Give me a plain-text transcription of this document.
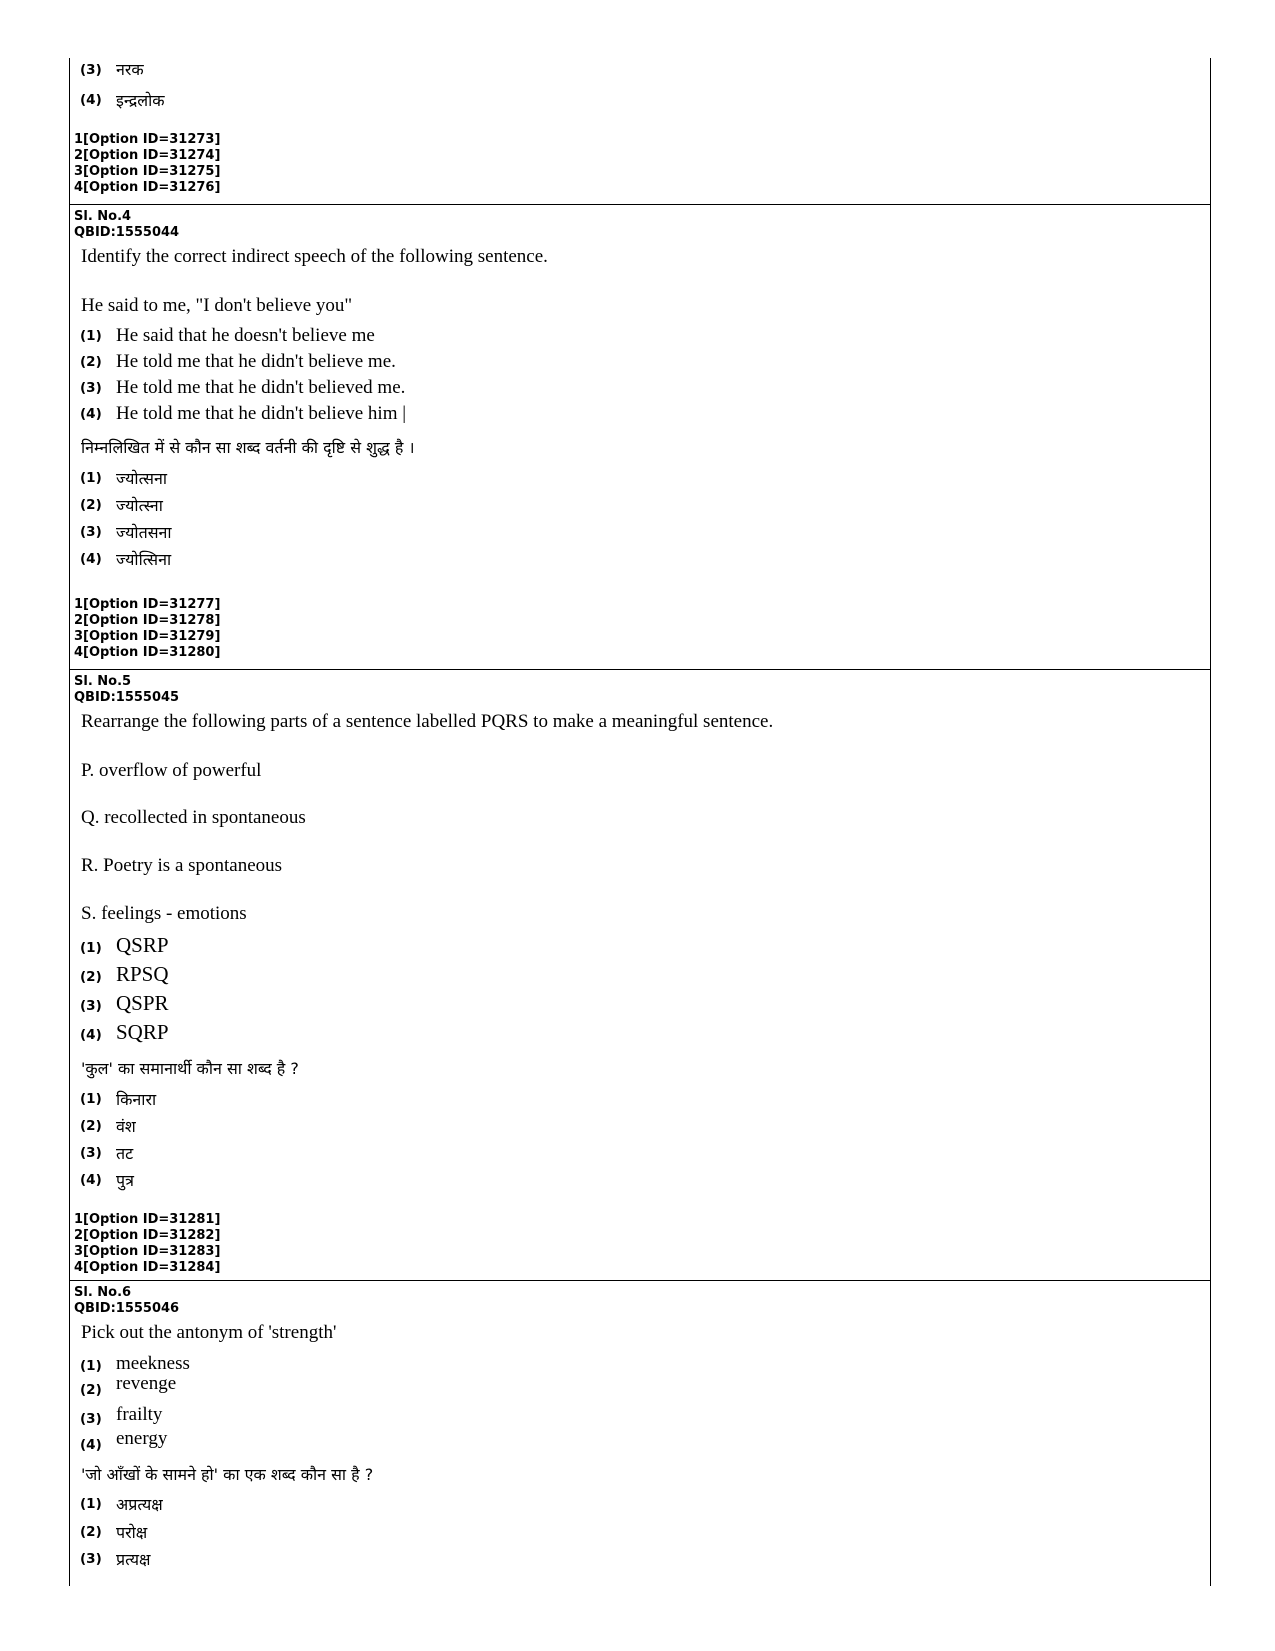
(3) नरक
(4) इन्द्रलोक
1[Option ID=31273]
2[Option ID=31274]
3[Option ID=31275]
4[Option ID=31276]
Sl. No.4
QBID:1555044
Identify the correct indirect speech of the following sentence.
He said to me, "I don't believe you"
(1) He said that he doesn't believe me
(2) He told me that he didn't believe me.
(3) He told me that he didn't believed me.
(4) He told me that he didn't believe him |
निम्नलिखित में से कौन सा शब्द वर्तनी की दृष्टि से शुद्ध है ।
(1) ज्योत्सना
(2) ज्योत्स्ना
(3) ज्योतसना
(4) ज्योत्सिना
1[Option ID=31277]
2[Option ID=31278]
3[Option ID=31279]
4[Option ID=31280]
Sl. No.5
QBID:1555045
Rearrange the following parts of a sentence labelled PQRS to make a meaningful sentence.
P. overflow of powerful
Q. recollected in spontaneous
R. Poetry is a spontaneous
S. feelings - emotions
(1) QSRP
(2) RPSQ
(3) QSPR
(4) SQRP
'कुल' का समानार्थी कौन सा शब्द है ?
(1) किनारा
(2) वंश
(3) तट
(4) पुत्र
1[Option ID=31281]
2[Option ID=31282]
3[Option ID=31283]
4[Option ID=31284]
Sl. No.6
QBID:1555046
Pick out the antonym of 'strength'
(1) meekness
(2) revenge
(3) frailty
(4) energy
'जो आँखों के सामने हो' का एक शब्द कौन सा है ?
(1) अप्रत्यक्ष
(2) परोक्ष
(3) प्रत्यक्ष
